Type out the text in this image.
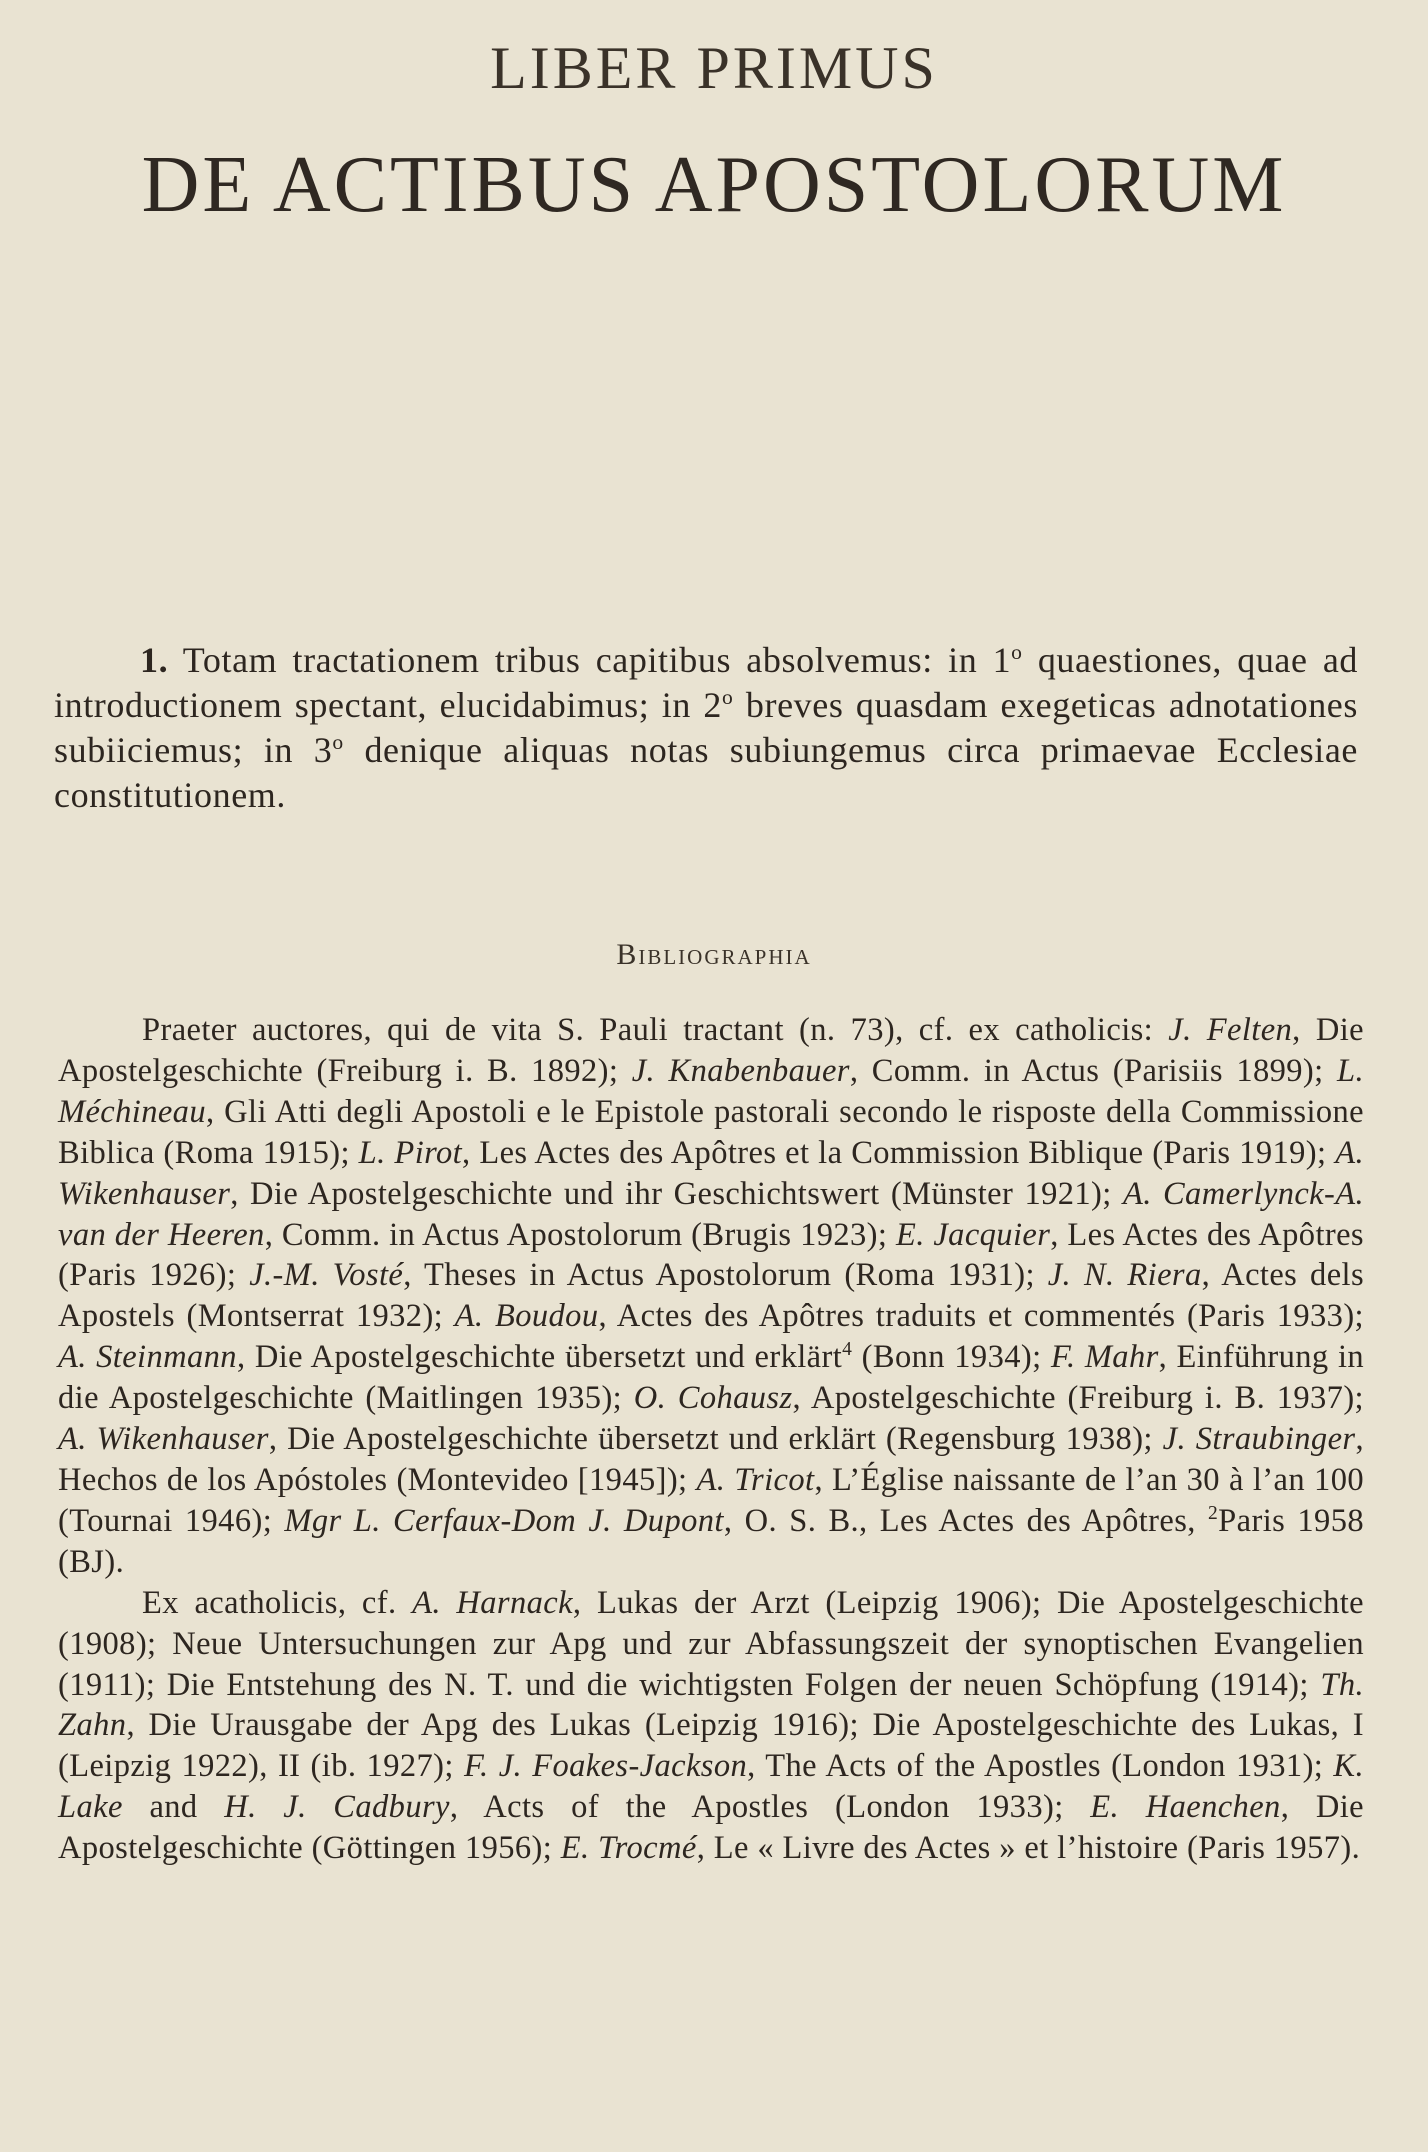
LIBER PRIMUS
DE ACTIBUS APOSTOLORUM
1. Totam tractationem tribus capitibus absolvemus: in 1$^o$ quaestiones, quae ad introductionem spectant, elucidabimus; in 2$^o$ breves quasdam exegeticas adnotationes subiiciemus; in 3$^o$ denique aliquas notas subiungemus circa primaevae Ecclesiae constitutionem.
Bibliographia

Praeter auctores, qui de vita S. Pauli tractant (n. 73), cf. ex catholicis: J. Felten, Die Apostelgeschichte (Freiburg i. B. 1892); J. Knabenbauer, Comm. in Actus (Parisiis 1899); L. Méchineau, Gli Atti degli Apostoli e le Epistole pastorali secondo le risposte della Commissione Biblica (Roma 1915); L. Pirot, Les Actes des Apôtres et la Commission Biblique (Paris 1919); A. Wikenhauser, Die Apostelgeschichte und ihr Geschichtswert (Münster 1921); A. Camerlynck-A. van der Heeren, Comm. in Actus Apostolorum (Brugis 1923); E. Jacquier, Les Actes des Apôtres (Paris 1926); J.-M. Vosté, Theses in Actus Apostolorum (Roma 1931); J. N. Riera, Actes dels Apostels (Montserrat 1932); A. Boudou, Actes des Apôtres traduits et commentés (Paris 1933); A. Steinmann, Die Apostelgeschichte übersetzt und erklärt$^4$ (Bonn 1934); F. Mahr, Einführung in die Apostelgeschichte (Maitlingen 1935); O. Cohausz, Apostelgeschichte (Freiburg i. B. 1937); A. Wikenhauser, Die Apostelgeschichte übersetzt und erklärt (Regensburg 1938); J. Straubinger, Hechos de los Apóstoles (Montevideo [1945]); A. Tricot, L’Église naissante de l’an 30 à l’an 100 (Tournai 1946); Mgr L. Cerfaux-Dom J. Dupont, O. S. B., Les Actes des Apôtres, $^2$Paris 1958 (BJ).

Ex acatholicis, cf. A. Harnack, Lukas der Arzt (Leipzig 1906); Die Apostelgeschichte (1908); Neue Untersuchungen zur Apg und zur Abfassungszeit der synoptischen Evangelien (1911); Die Entstehung des N. T. und die wichtigsten Folgen der neuen Schöpfung (1914); Th. Zahn, Die Urausgabe der Apg des Lukas (Leipzig 1916); Die Apostelgeschichte des Lukas, I (Leipzig 1922), II (ib. 1927); F. J. Foakes-Jackson, The Acts of the Apostles (London 1931); K. Lake and H. J. Cadbury, Acts of the Apostles (London 1933); E. Haenchen, Die Apostelgeschichte (Göttingen 1956); E. Trocmé, Le « Livre des Actes » et l’histoire (Paris 1957).
